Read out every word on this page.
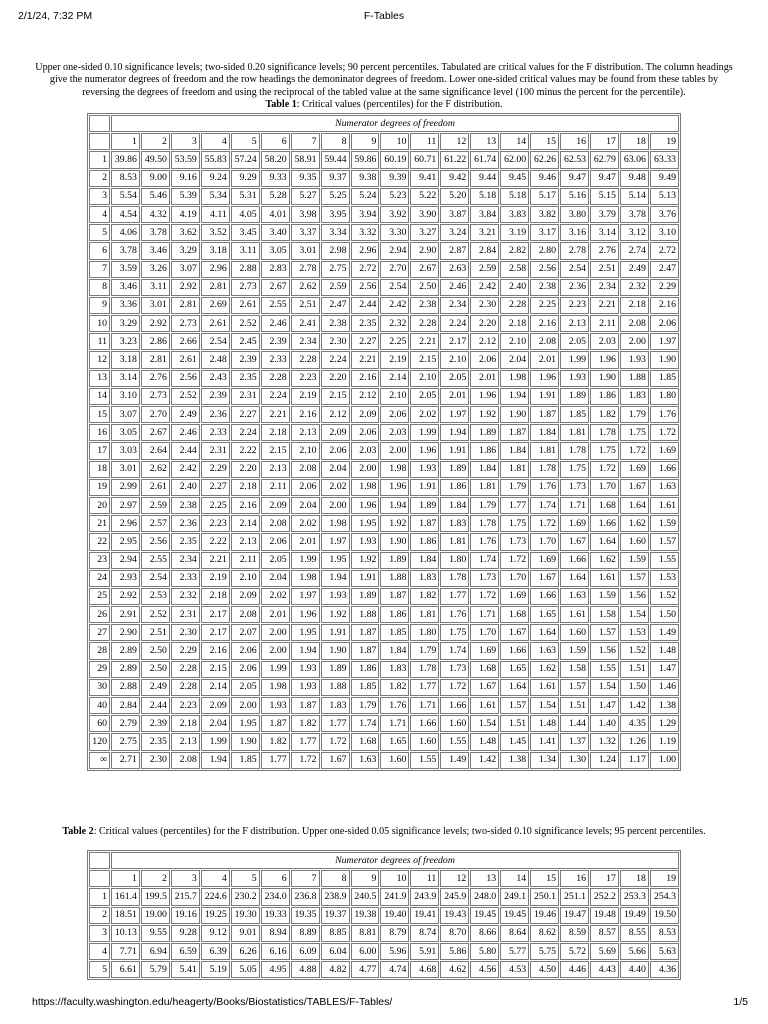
2/1/24, 7:32 PM	F-Tables
Upper one-sided 0.10 significance levels; two-sided 0.20 significance levels; 90 percent percentiles. Tabulated are critical values for the F distribution. The column headings give the numerator degrees of freedom and the row headings the demoninator degrees of freedom. Lower one-sided critical values may be found from these tables by reversing the degrees of freedom and using the reciprocal of the tabled value at the same significance level (100 minus the percent for the percentile).
Table 1: Critical values (percentiles) for the F distribution.
	Numerator degrees of freedom																		
	1	2	3	4	5	6	7	8	9	10	11	12	13	14	15	16	17	18	19
1	39.86	49.50	53.59	55.83	57.24	58.20	58.91	59.44	59.86	60.19	60.71	61.22	61.74	62.00	62.26	62.53	62.79	63.06	63.33
2	8.53	9.00	9.16	9.24	9.29	9.33	9.35	9.37	9.38	9.39	9.41	9.42	9.44	9.45	9.46	9.47	9.47	9.48	9.49
3	5.54	5.46	5.39	5.34	5.31	5.28	5.27	5.25	5.24	5.23	5.22	5.20	5.18	5.18	5.17	5.16	5.15	5.14	5.13
4	4.54	4.32	4.19	4.11	4.05	4.01	3.98	3.95	3.94	3.92	3.90	3.87	3.84	3.83	3.82	3.80	3.79	3.78	3.76
5	4.06	3.78	3.62	3.52	3.45	3.40	3.37	3.34	3.32	3.30	3.27	3.24	3.21	3.19	3.17	3.16	3.14	3.12	3.10
6	3.78	3.46	3.29	3.18	3.11	3.05	3.01	2.98	2.96	2.94	2.90	2.87	2.84	2.82	2.80	2.78	2.76	2.74	2.72
7	3.59	3.26	3.07	2.96	2.88	2.83	2.78	2.75	2.72	2.70	2.67	2.63	2.59	2.58	2.56	2.54	2.51	2.49	2.47
8	3.46	3.11	2.92	2.81	2.73	2.67	2.62	2.59	2.56	2.54	2.50	2.46	2.42	2.40	2.38	2.36	2.34	2.32	2.29
9	3.36	3.01	2.81	2.69	2.61	2.55	2.51	2.47	2.44	2.42	2.38	2.34	2.30	2.28	2.25	2.23	2.21	2.18	2.16
10	3.29	2.92	2.73	2.61	2.52	2.46	2.41	2.38	2.35	2.32	2.28	2.24	2.20	2.18	2.16	2.13	2.11	2.08	2.06
11	3.23	2.86	2.66	2.54	2.45	2.39	2.34	2.30	2.27	2.25	2.21	2.17	2.12	2.10	2.08	2.05	2.03	2.00	1.97
12	3.18	2.81	2.61	2.48	2.39	2.33	2.28	2.24	2.21	2.19	2.15	2.10	2.06	2.04	2.01	1.99	1.96	1.93	1.90
13	3.14	2.76	2.56	2.43	2.35	2.28	2.23	2.20	2.16	2.14	2.10	2.05	2.01	1.98	1.96	1.93	1.90	1.88	1.85
14	3.10	2.73	2.52	2.39	2.31	2.24	2.19	2.15	2.12	2.10	2.05	2.01	1.96	1.94	1.91	1.89	1.86	1.83	1.80
15	3.07	2.70	2.49	2.36	2.27	2.21	2.16	2.12	2.09	2.06	2.02	1.97	1.92	1.90	1.87	1.85	1.82	1.79	1.76
16	3.05	2.67	2.46	2.33	2.24	2.18	2.13	2.09	2.06	2.03	1.99	1.94	1.89	1.87	1.84	1.81	1.78	1.75	1.72
17	3.03	2.64	2.44	2.31	2.22	2.15	2.10	2.06	2.03	2.00	1.96	1.91	1.86	1.84	1.81	1.78	1.75	1.72	1.69
18	3.01	2.62	2.42	2.29	2.20	2.13	2.08	2.04	2.00	1.98	1.93	1.89	1.84	1.81	1.78	1.75	1.72	1.69	1.66
19	2.99	2.61	2.40	2.27	2.18	2.11	2.06	2.02	1.98	1.96	1.91	1.86	1.81	1.79	1.76	1.73	1.70	1.67	1.63
20	2.97	2.59	2.38	2.25	2.16	2.09	2.04	2.00	1.96	1.94	1.89	1.84	1.79	1.77	1.74	1.71	1.68	1.64	1.61
21	2.96	2.57	2.36	2.23	2.14	2.08	2.02	1.98	1.95	1.92	1.87	1.83	1.78	1.75	1.72	1.69	1.66	1.62	1.59
22	2.95	2.56	2.35	2.22	2.13	2.06	2.01	1.97	1.93	1.90	1.86	1.81	1.76	1.73	1.70	1.67	1.64	1.60	1.57
23	2.94	2.55	2.34	2.21	2.11	2.05	1.99	1.95	1.92	1.89	1.84	1.80	1.74	1.72	1.69	1.66	1.62	1.59	1.55
24	2.93	2.54	2.33	2.19	2.10	2.04	1.98	1.94	1.91	1.88	1.83	1.78	1.73	1.70	1.67	1.64	1.61	1.57	1.53
25	2.92	2.53	2.32	2.18	2.09	2.02	1.97	1.93	1.89	1.87	1.82	1.77	1.72	1.69	1.66	1.63	1.59	1.56	1.52
26	2.91	2.52	2.31	2.17	2.08	2.01	1.96	1.92	1.88	1.86	1.81	1.76	1.71	1.68	1.65	1.61	1.58	1.54	1.50
27	2.90	2.51	2.30	2.17	2.07	2.00	1.95	1.91	1.87	1.85	1.80	1.75	1.70	1.67	1.64	1.60	1.57	1.53	1.49
28	2.89	2.50	2.29	2.16	2.06	2.00	1.94	1.90	1.87	1.84	1.79	1.74	1.69	1.66	1.63	1.59	1.56	1.52	1.48
29	2.89	2.50	2.28	2.15	2.06	1.99	1.93	1.89	1.86	1.83	1.78	1.73	1.68	1.65	1.62	1.58	1.55	1.51	1.47
30	2.88	2.49	2.28	2.14	2.05	1.98	1.93	1.88	1.85	1.82	1.77	1.72	1.67	1.64	1.61	1.57	1.54	1.50	1.46
40	2.84	2.44	2.23	2.09	2.00	1.93	1.87	1.83	1.79	1.76	1.71	1.66	1.61	1.57	1.54	1.51	1.47	1.42	1.38
60	2.79	2.39	2.18	2.04	1.95	1.87	1.82	1.77	1.74	1.71	1.66	1.60	1.54	1.51	1.48	1.44	1.40	4.35	1.29
120	2.75	2.35	2.13	1.99	1.90	1.82	1.77	1.72	1.68	1.65	1.60	1.55	1.48	1.45	1.41	1.37	1.32	1.26	1.19
∞	2.71	2.30	2.08	1.94	1.85	1.77	1.72	1.67	1.63	1.60	1.55	1.49	1.42	1.38	1.34	1.30	1.24	1.17	1.00
Table 2: Critical values (percentiles) for the F distribution. Upper one-sided 0.05 significance levels; two-sided 0.10 significance levels; 95 percent percentiles.
	Numerator degrees of freedom																		
	1	2	3	4	5	6	7	8	9	10	11	12	13	14	15	16	17	18	19
1	161.4	199.5	215.7	224.6	230.2	234.0	236.8	238.9	240.5	241.9	243.9	245.9	248.0	249.1	250.1	251.1	252.2	253.3	254.3
2	18.51	19.00	19.16	19.25	19.30	19.33	19.35	19.37	19.38	19.40	19.41	19.43	19.45	19.45	19.46	19.47	19.48	19.49	19.50
3	10.13	9.55	9.28	9.12	9.01	8.94	8.89	8.85	8.81	8.79	8.74	8.70	8.66	8.64	8.62	8.59	8.57	8.55	8.53
4	7.71	6.94	6.59	6.39	6.26	6.16	6.09	6.04	6.00	5.96	5.91	5.86	5.80	5.77	5.75	5.72	5.69	5.66	5.63
5	6.61	5.79	5.41	5.19	5.05	4.95	4.88	4.82	4.77	4.74	4.68	4.62	4.56	4.53	4.50	4.46	4.43	4.40	4.36
https://faculty.washington.edu/heagerty/Books/Biostatistics/TABLES/F-Tables/	1/5
